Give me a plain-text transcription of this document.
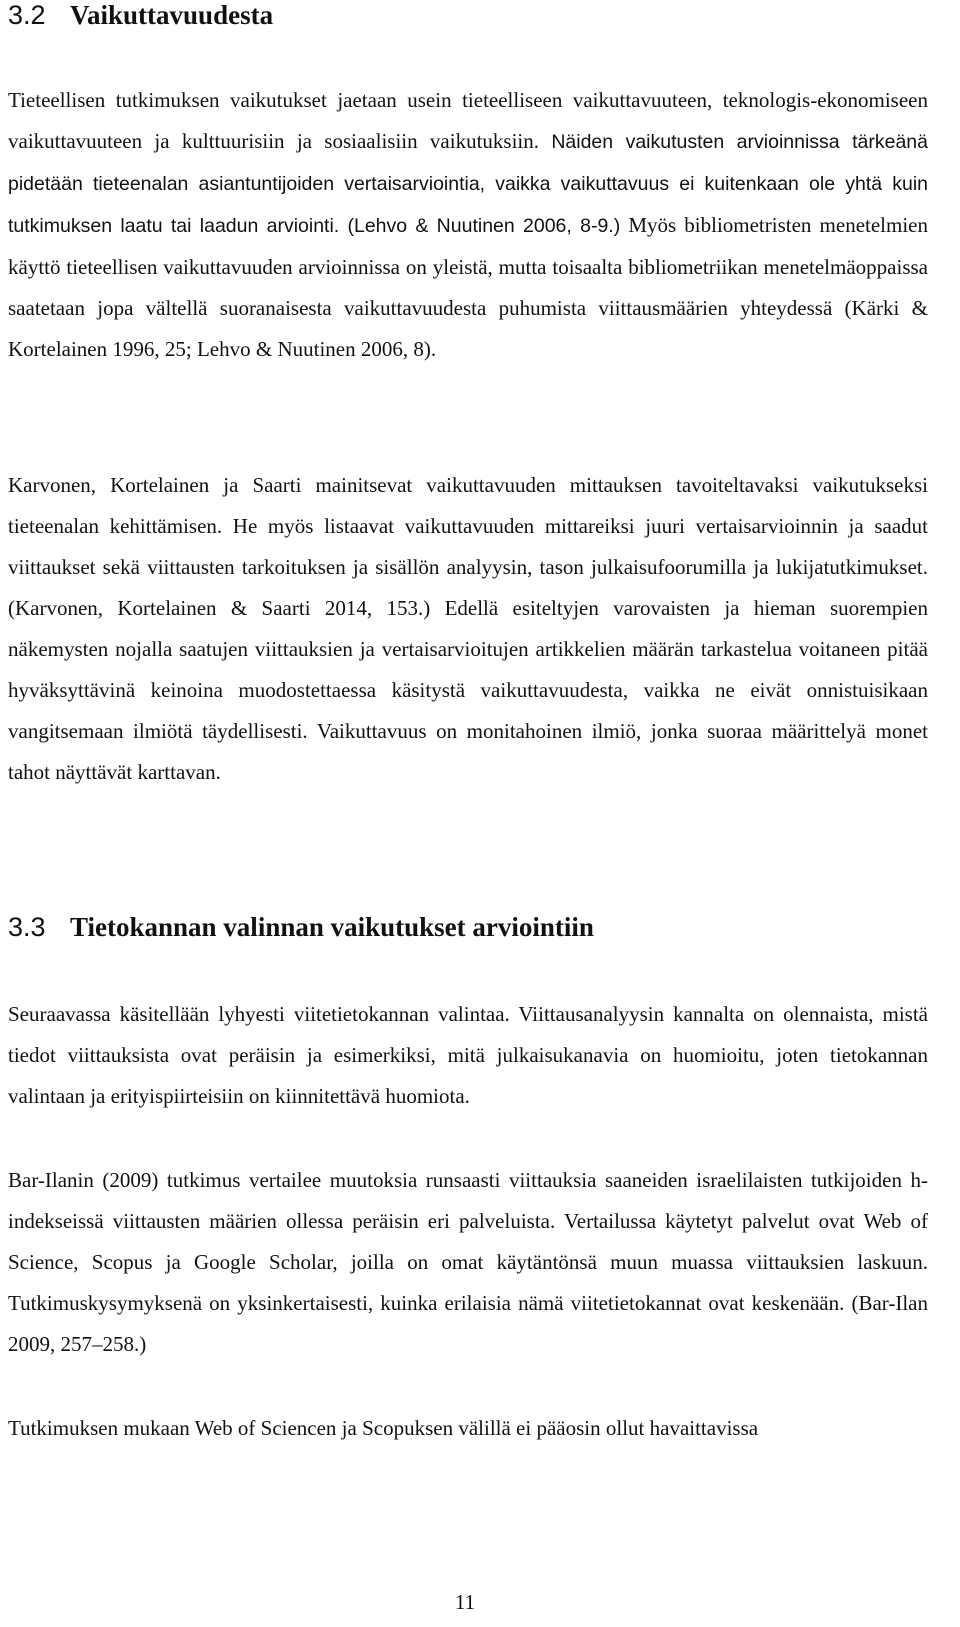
3.2 Vaikuttavuudesta

Tieteellisen tutkimuksen vaikutukset jaetaan usein tieteelliseen vaikuttavuuteen, teknologis-ekonomiseen vaikuttavuuteen ja kulttuurisiin ja sosiaalisiin vaikutuksiin. Näiden vaikutusten arvioinnissa tärkeänä pidetään tieteenalan asiantuntijoiden vertaisarviointia, vaikka vaikuttavuus ei kuitenkaan ole yhtä kuin tutkimuksen laatu tai laadun arviointi. (Lehvo & Nuutinen 2006, 8-9.) Myös bibliometristen menetelmien käyttö tieteellisen vaikuttavuuden arvioinnissa on yleistä, mutta toisaalta bibliometriikan menetelmäoppaissa saatetaan jopa vältellä suoranaisesta vaikuttavuudesta puhumista viittausmäärien yhteydessä (Kärki & Kortelainen 1996, 25; Lehvo & Nuutinen 2006, 8).

Karvonen, Kortelainen ja Saarti mainitsevat vaikuttavuuden mittauksen tavoiteltavaksi vaikutukseksi tieteenalan kehittämisen. He myös listaavat vaikuttavuuden mittareiksi juuri vertaisarvioinnin ja saadut viittaukset sekä viittausten tarkoituksen ja sisällön analyysin, tason julkaisufoorumilla ja lukijatutkimukset. (Karvonen, Kortelainen & Saarti 2014, 153.) Edellä esiteltyjen varovaisten ja hieman suorempien näkemysten nojalla saatujen viittauksien ja vertaisarvioitujen artikkelien määrän tarkastelua voitaneen pitää hyväksyttävinä keinoina muodostettaessa käsitystä vaikuttavuudesta, vaikka ne eivät onnistuisikaan vangitsemaan ilmiötä täydellisesti. Vaikuttavuus on monitahoinen ilmiö, jonka suoraa määrittelyä monet tahot näyttävät karttavan.

3.3 Tietokannan valinnan vaikutukset arviointiin

Seuraavassa käsitellään lyhyesti viitetietokannan valintaa. Viittausanalyysin kannalta on olennaista, mistä tiedot viittauksista ovat peräisin ja esimerkiksi, mitä julkaisukanavia on huomioitu, joten tietokannan valintaan ja erityispiirteisiin on kiinnitettävä huomiota.

Bar-Ilanin (2009) tutkimus vertailee muutoksia runsaasti viittauksia saaneiden israelilaisten tutkijoiden h-indekseissä viittausten määrien ollessa peräisin eri palveluista. Vertailussa käytetyt palvelut ovat Web of Science, Scopus ja Google Scholar, joilla on omat käytäntönsä muun muassa viittauksien laskuun. Tutkimuskysymyksenä on yksinkertaisesti, kuinka erilaisia nämä viitetietokannat ovat keskenään. (Bar-Ilan 2009, 257–258.)

Tutkimuksen mukaan Web of Sciencen ja Scopuksen välillä ei pääosin ollut havaittavissa

11
